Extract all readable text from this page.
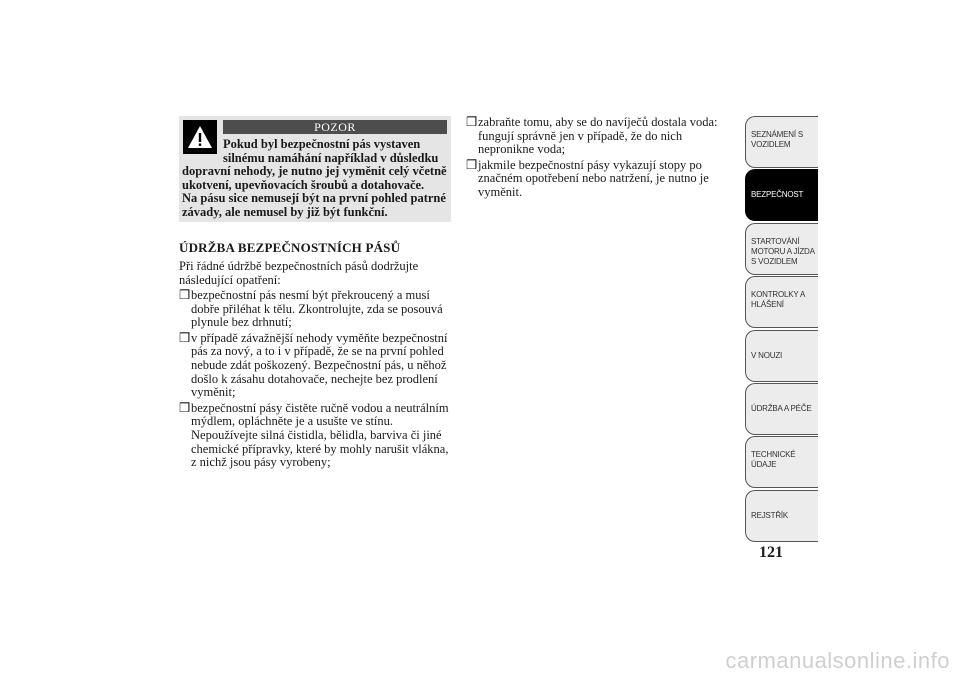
POZOR

Pokud byl bezpečnostní pás vystaven

silnému namáhání například v důsledku

dopravní nehody, je nutno jej vyměnit celý včetně

ukotvení, upevňovacích šroubů a dotahovače.

Na pásu sice nemusejí být na první pohled patrné

závady, ale nemusel by již být funkční.

ÚDRŽBA BEZPEČNOSTNÍCH PÁSŮ

Při řádné údržbě bezpečnostních pásů dodržujte následující opatření:

❒ bezpečnostní pás nesmí být překroucený a musí dobře přiléhat k tělu. Zkontrolujte, zda se posouvá plynule bez drhnutí;
❒ v případě závažnější nehody vyměňte bezpečnostní pás za nový, a to i v případě, že se na první pohled nebude zdát poškozený. Bezpečnostní pás, u něhož došlo k zásahu dotahovače, nechejte bez prodlení vyměnit;
❒ bezpečnostní pásy čistěte ručně vodou a neutrálním mýdlem, opláchněte je a usušte ve stínu. Nepoužívejte silná čistidla, bělidla, barviva či jiné chemické přípravky, které by mohly narušit vlákna, z nichž jsou pásy vyrobeny;
❒ zabraňte tomu, aby se do navíječů dostala voda: fungují správně jen v případě, že do nich nepronikne voda;
❒ jakmile bezpečnostní pásy vykazují stopy po značném opotřebení nebo natržení, je nutno je vyměnit.
SEZNÁMENÍ S VOZIDLEM
BEZPEČNOST
STARTOVÁNÍ MOTORU A JÍZDA S VOZIDLEM
KONTROLKY A HLÁŠENÍ
V NOUZI
ÚDRŽBA A PÉČE
TECHNICKÉ ÚDAJE
REJSTŘÍK
121
carmanualsonline.info
